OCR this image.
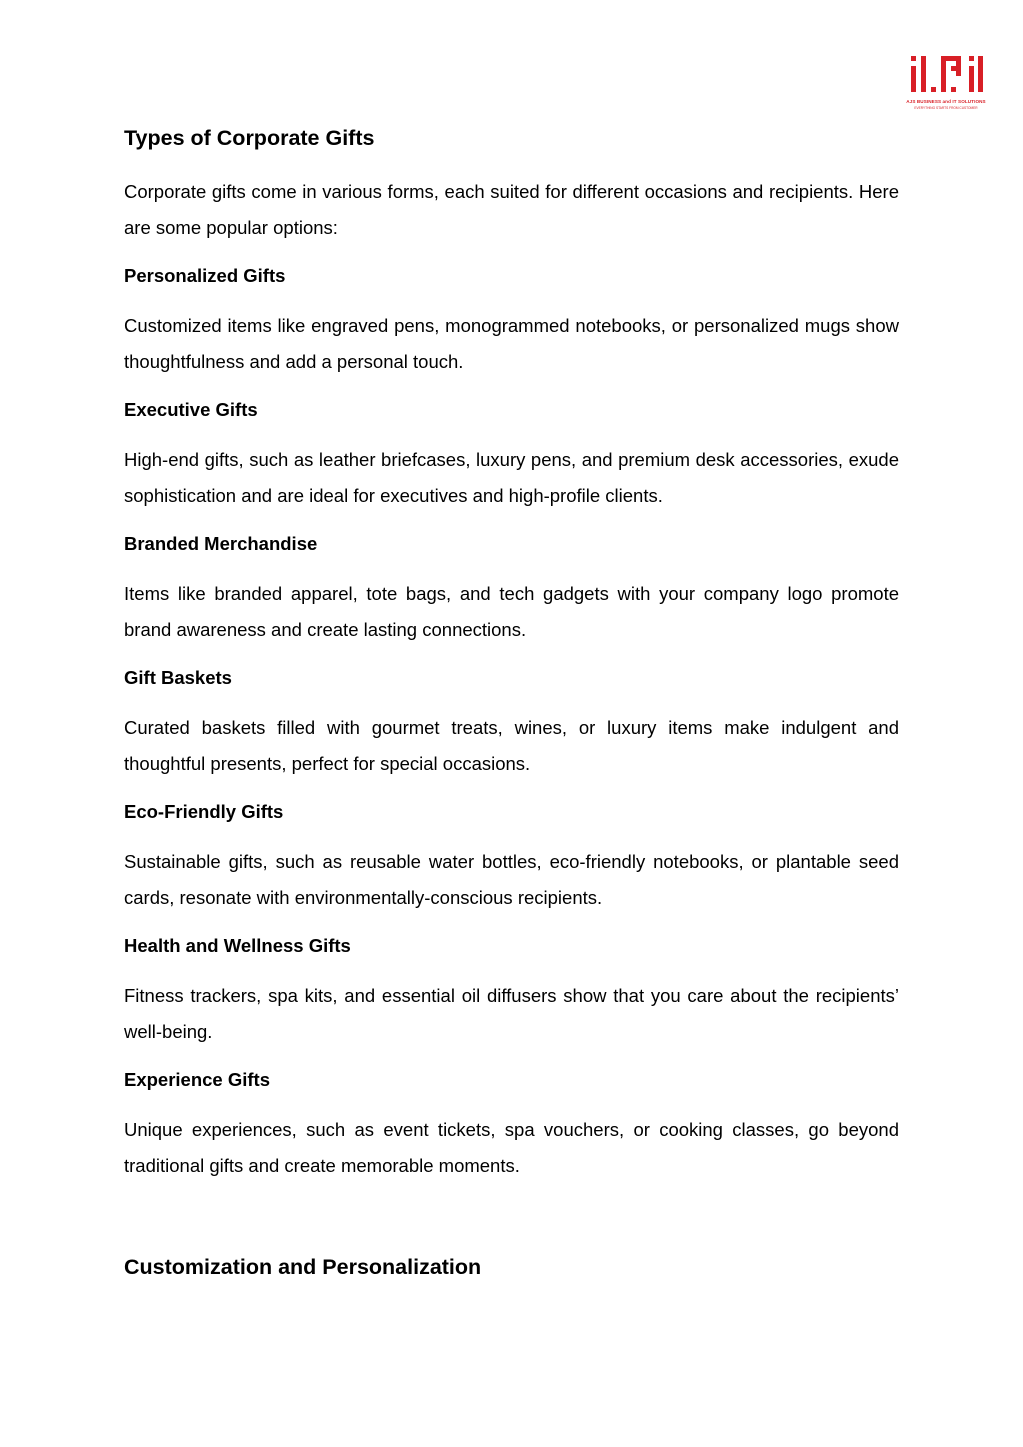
AJS BUSINESS and IT SOLUTIONS
EVERYTHING STARTS FROM CUSTOMER
Types of Corporate Gifts
Corporate gifts come in various forms, each suited for different occasions and recipients. Here are some popular options:
Personalized Gifts
Customized items like engraved pens, monogrammed notebooks, or personalized mugs show thoughtfulness and add a personal touch.
Executive Gifts
High-end gifts, such as leather briefcases, luxury pens, and premium desk accessories, exude sophistication and are ideal for executives and high-profile clients.
Branded Merchandise
Items like branded apparel, tote bags, and tech gadgets with your company logo promote brand awareness and create lasting connections.
Gift Baskets
Curated baskets filled with gourmet treats, wines, or luxury items make indulgent and thoughtful presents, perfect for special occasions.
Eco-Friendly Gifts
Sustainable gifts, such as reusable water bottles, eco-friendly notebooks, or plantable seed cards, resonate with environmentally-conscious recipients.
Health and Wellness Gifts
Fitness trackers, spa kits, and essential oil diffusers show that you care about the recipients’ well-being.
Experience Gifts
Unique experiences, such as event tickets, spa vouchers, or cooking classes, go beyond traditional gifts and create memorable moments.
Customization and Personalization
